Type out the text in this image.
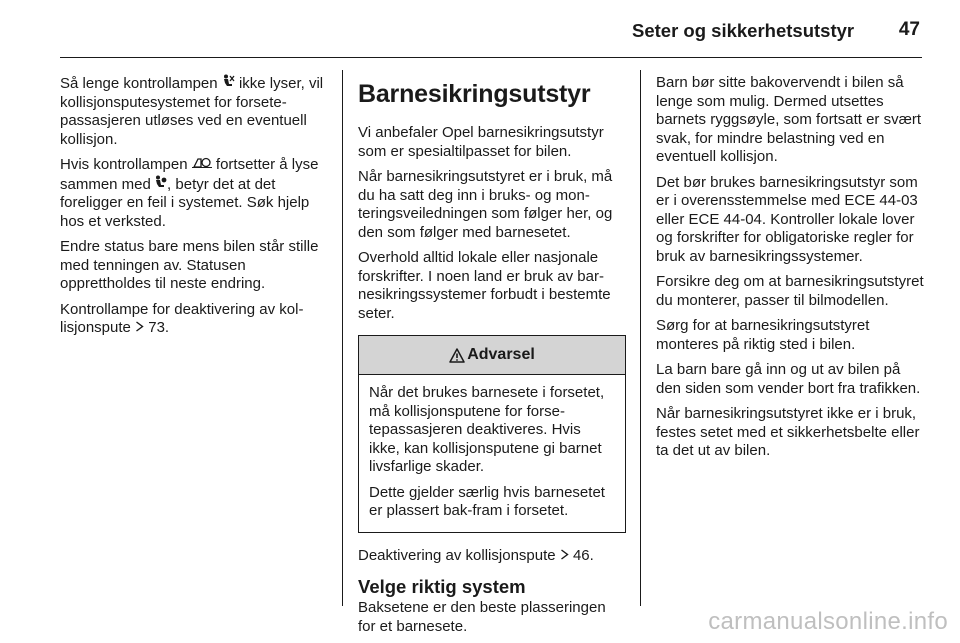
Seter og sikkerhetsutstyr 47

Så lenge kontrollampen ikke lyser, vil kollisjonsputesystemet for forsetepassasjeren utløses ved en eventuell kollisjon.

Hvis kontrollampen fortsetter å lyse sammen med , betyr det at det foreligger en feil i systemet. Søk hjelp hos et verksted.

Endre status bare mens bilen står stille med tenningen av. Statusen opprettholdes til neste endring.

Kontrollampe for deaktivering av kollisjonspute 73.

Barnesikringsutstyr

Vi anbefaler Opel barnesikringsutstyr som er spesialtilpasset for bilen.

Når barnesikringsutstyret er i bruk, må du ha satt deg inn i bruks- og monteringsveiledningen som følger her, og den som følger med barnesetet.

Overhold alltid lokale eller nasjonale forskrifter. I noen land er bruk av barnesikringssystemer forbudt i bestemte seter.

Advarsel

Når det brukes barnesete i forsetet, må kollisjonsputene for forsetepassasjeren deaktiveres. Hvis ikke, kan kollisjonsputene gi barnet livsfarlige skader.

Dette gjelder særlig hvis barnesetet er plassert bak-fram i forsetet.

Deaktivering av kollisjonspute 46.

Velge riktig system

Baksetene er den beste plasseringen for et barnesete.

Barn bør sitte bakovervendt i bilen så lenge som mulig. Dermed utsettes barnets ryggsøyle, som fortsatt er svært svak, for mindre belastning ved en eventuell kollisjon.

Det bør brukes barnesikringsutstyr som er i overensstemmelse med ECE 44-03 eller ECE 44-04. Kontroller lokale lover og forskrifter for obligatoriske regler for bruk av barnesikringssystemer.

Forsikre deg om at barnesikringsutstyret du monterer, passer til bilmodellen.

Sørg for at barnesikringsutstyret monteres på riktig sted i bilen.

La barn bare gå inn og ut av bilen på den siden som vender bort fra trafikken.

Når barnesikringsutstyret ikke er i bruk, festes setet med et sikkerhetsbelte eller ta det ut av bilen.

carmanualsonline.info
